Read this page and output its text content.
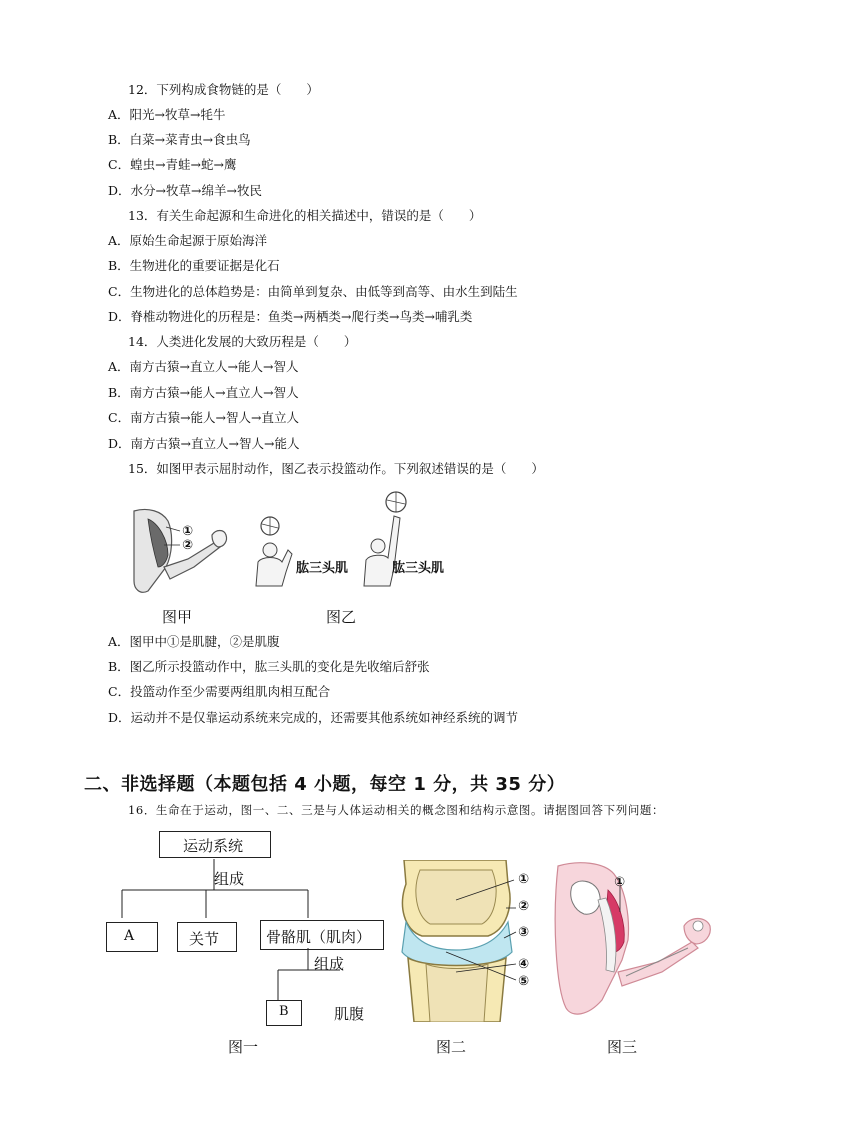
12．下列构成食物链的是（　　）
A．阳光→牧草→牦牛
B．白菜→菜青虫→食虫鸟
C．蝗虫→青蛙→蛇→鹰
D．水分→牧草→绵羊→牧民
13．有关生命起源和生命进化的相关描述中，错误的是（　　）
A．原始生命起源于原始海洋
B．生物进化的重要证据是化石
C．生物进化的总体趋势是：由简单到复杂、由低等到高等、由水生到陆生
D．脊椎动物进化的历程是：鱼类→两栖类→爬行类→鸟类→哺乳类
14．人类进化发展的大致历程是（　　）
A．南方古猿→直立人→能人→智人
B．南方古猿→能人→直立人→智人
C．南方古猿→能人→智人→直立人
D．南方古猿→直立人→智人→能人
15．如图甲表示屈肘动作，图乙表示投篮动作。下列叙述错误的是（　　）
①
②
肱三头肌	肱三头肌
图甲	图乙
A．图甲中①是肌腱，②是肌腹
B．图乙所示投篮动作中，肱三头肌的变化是先收缩后舒张
C．投篮动作至少需要两组肌肉相互配合
D．运动并不是仅靠运动系统来完成的，还需要其他系统如神经系统的调节
二、非选择题（本题包括 4 小题，每空 1 分，共 35 分）
16．生命在于运动，图一、二、三是与人体运动相关的概念图和结构示意图。请据图回答下列问题：
运动系统
组成
A	关节	骨骼肌（肌肉）
组成
B	肌腹
①
②
③
④
⑤
①
图一	图二	图三
